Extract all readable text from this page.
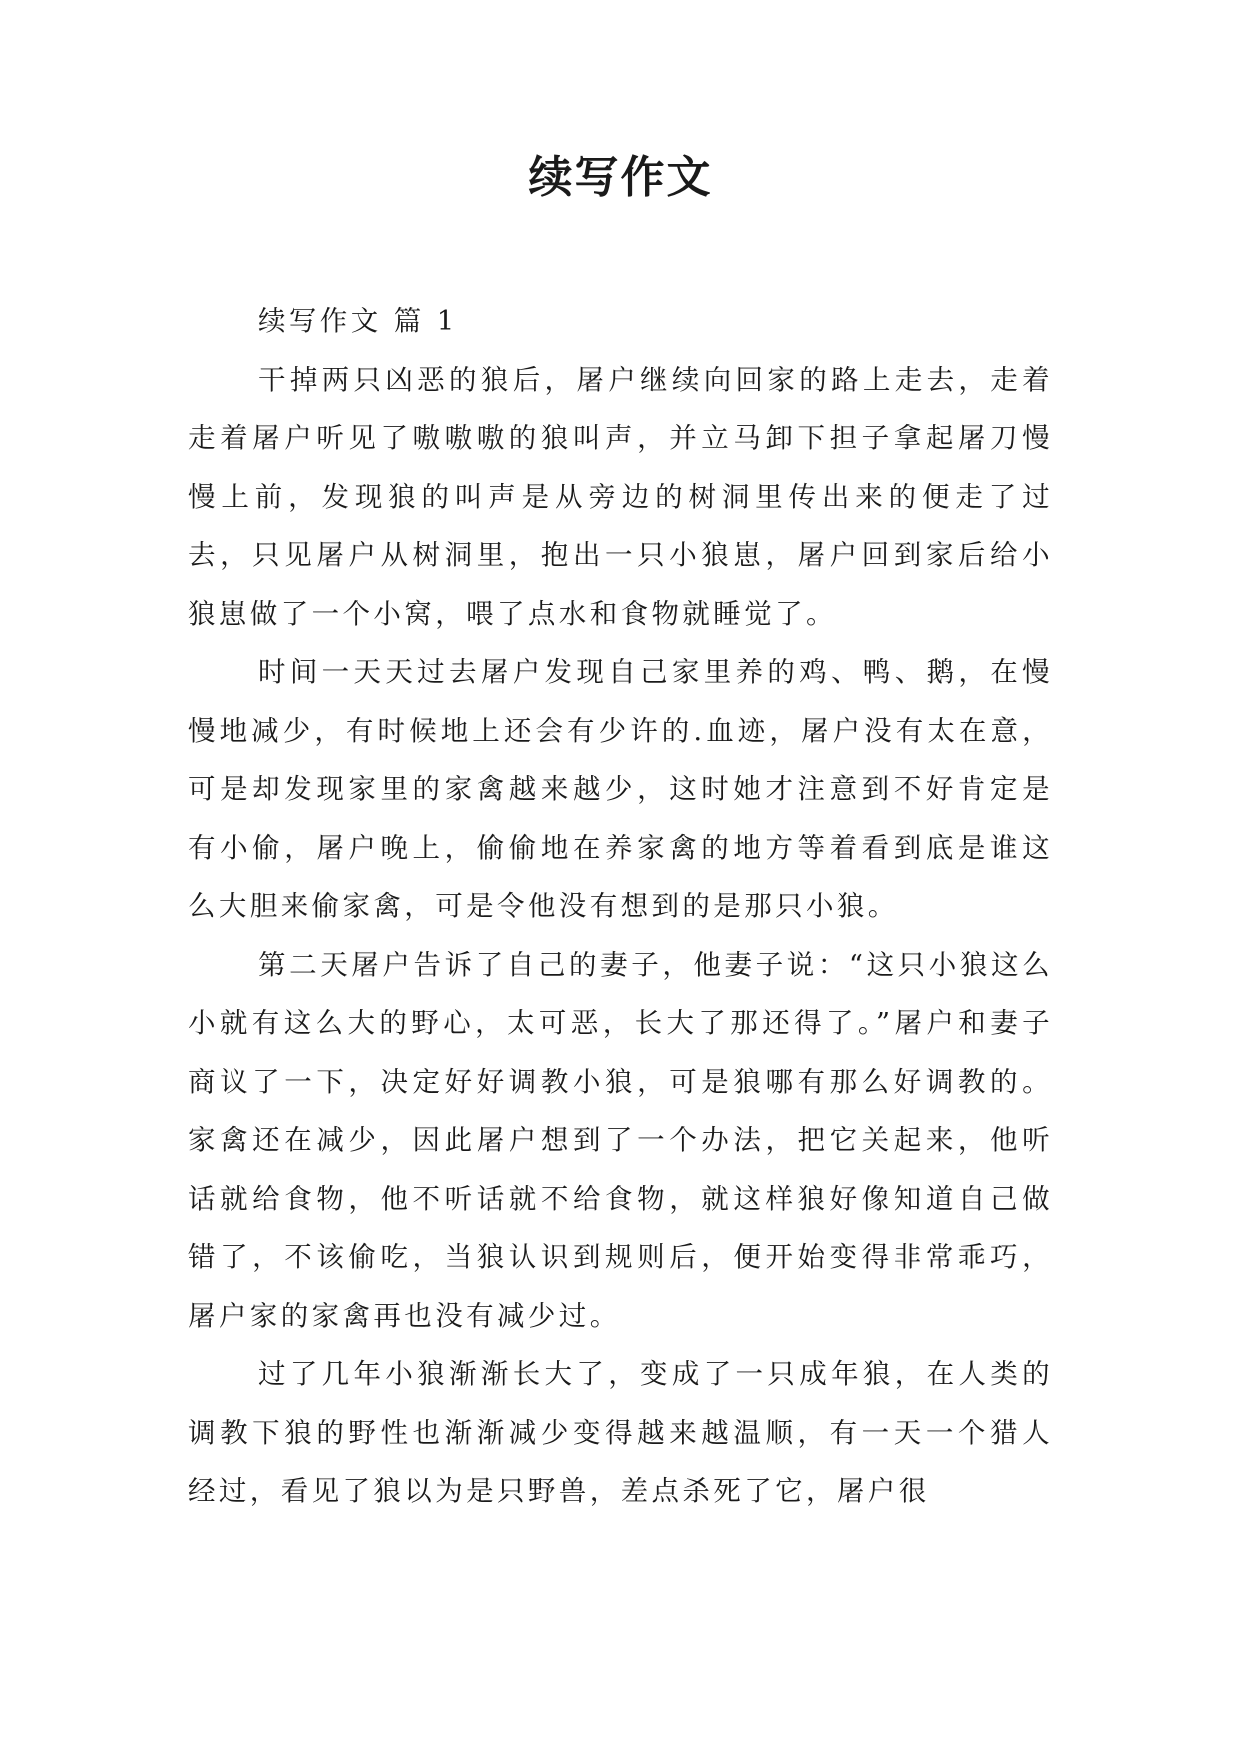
续写作文

续写作文 篇 1

干掉两只凶恶的狼后，屠户继续向回家的路上走去，走着走着屠户听见了嗷嗷嗷的狼叫声，并立马卸下担子拿起屠刀慢慢上前，发现狼的叫声是从旁边的树洞里传出来的便走了过去，只见屠户从树洞里，抱出一只小狼崽，屠户回到家后给小狼崽做了一个小窝，喂了点水和食物就睡觉了。

时间一天天过去屠户发现自己家里养的鸡、鸭、鹅，在慢慢地减少，有时候地上还会有少许的.血迹，屠户没有太在意，可是却发现家里的家禽越来越少，这时她才注意到不好肯定是有小偷，屠户晚上，偷偷地在养家禽的地方等着看到底是谁这么大胆来偷家禽，可是令他没有想到的是那只小狼。

第二天屠户告诉了自己的妻子，他妻子说：“这只小狼这么小就有这么大的野心，太可恶，长大了那还得了。”屠户和妻子商议了一下，决定好好调教小狼，可是狼哪有那么好调教的。家禽还在减少，因此屠户想到了一个办法，把它关起来，他听话就给食物，他不听话就不给食物，就这样狼好像知道自己做错了，不该偷吃，当狼认识到规则后，便开始变得非常乖巧，屠户家的家禽再也没有减少过。

过了几年小狼渐渐长大了，变成了一只成年狼，在人类的调教下狼的野性也渐渐减少变得越来越温顺，有一天一个猎人经过，看见了狼以为是只野兽，差点杀死了它，屠户很
